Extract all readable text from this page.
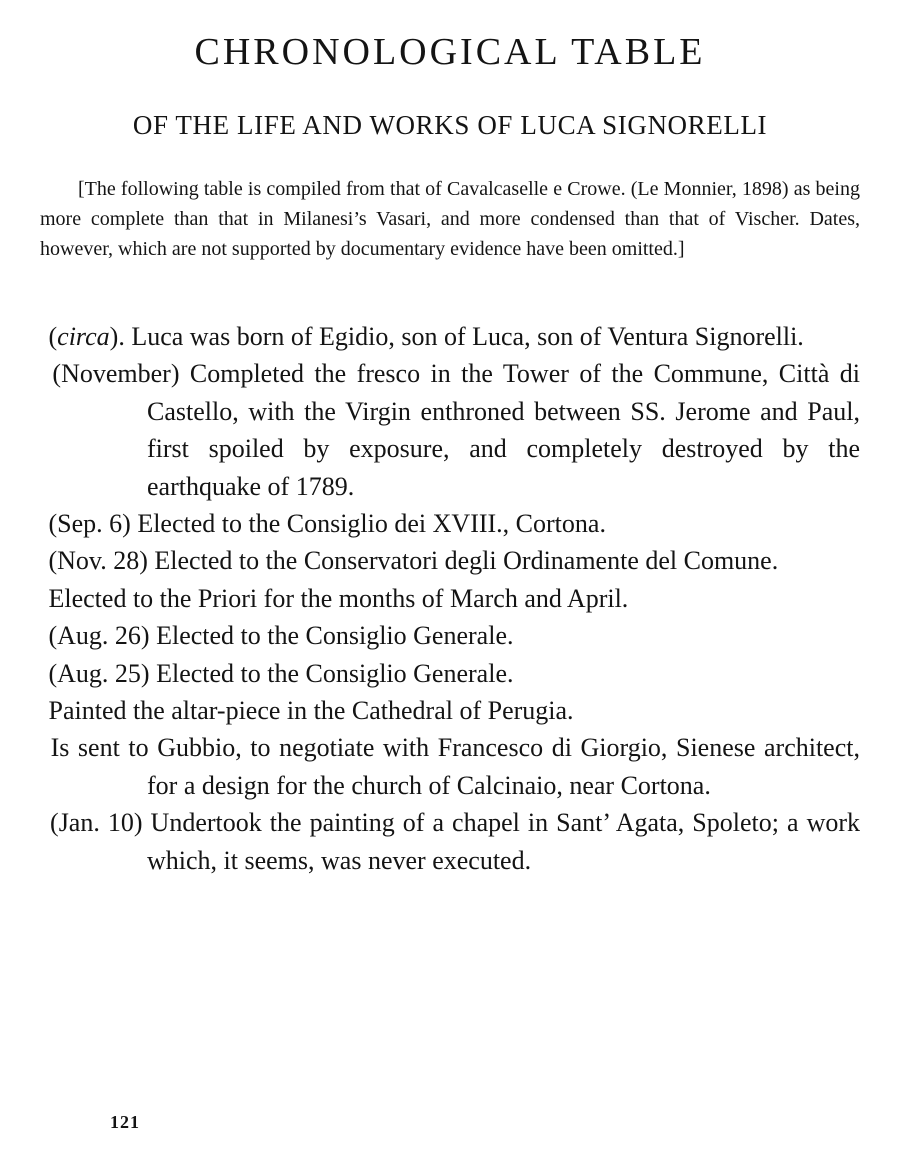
CHRONOLOGICAL TABLE
OF THE LIFE AND WORKS OF LUCA SIGNORELLI

[The following table is compiled from that of Cavalcaselle e Crowe. (Le Monnier, 1898) as being more complete than that in Milanesi’s Vasari, and more condensed than that of Vischer. Dates, however, which are not supported by documentary evidence have been omitted.]

(circa). Luca was born of Egidio, son of Luca, son of Ventura Signorelli.
(November) Completed the fresco in the Tower of the Commune, Città di Castello, with the Virgin enthroned between SS. Jerome and Paul, first spoiled by exposure, and completely destroyed by the earthquake of 1789.
(Sep. 6) Elected to the Consiglio dei XVIII., Cortona.
(Nov. 28) Elected to the Conservatori degli Ordinamente del Comune.
Elected to the Priori for the months of March and April.
(Aug. 26) Elected to the Consiglio Generale.
(Aug. 25) Elected to the Consiglio Generale.
Painted the altar-piece in the Cathedral of Perugia.
Is sent to Gubbio, to negotiate with Francesco di Giorgio, Sienese architect, for a design for the church of Calcinaio, near Cortona.
(Jan. 10) Undertook the painting of a chapel in Sant’ Agata, Spoleto; a work which, it seems, was never executed.
121
